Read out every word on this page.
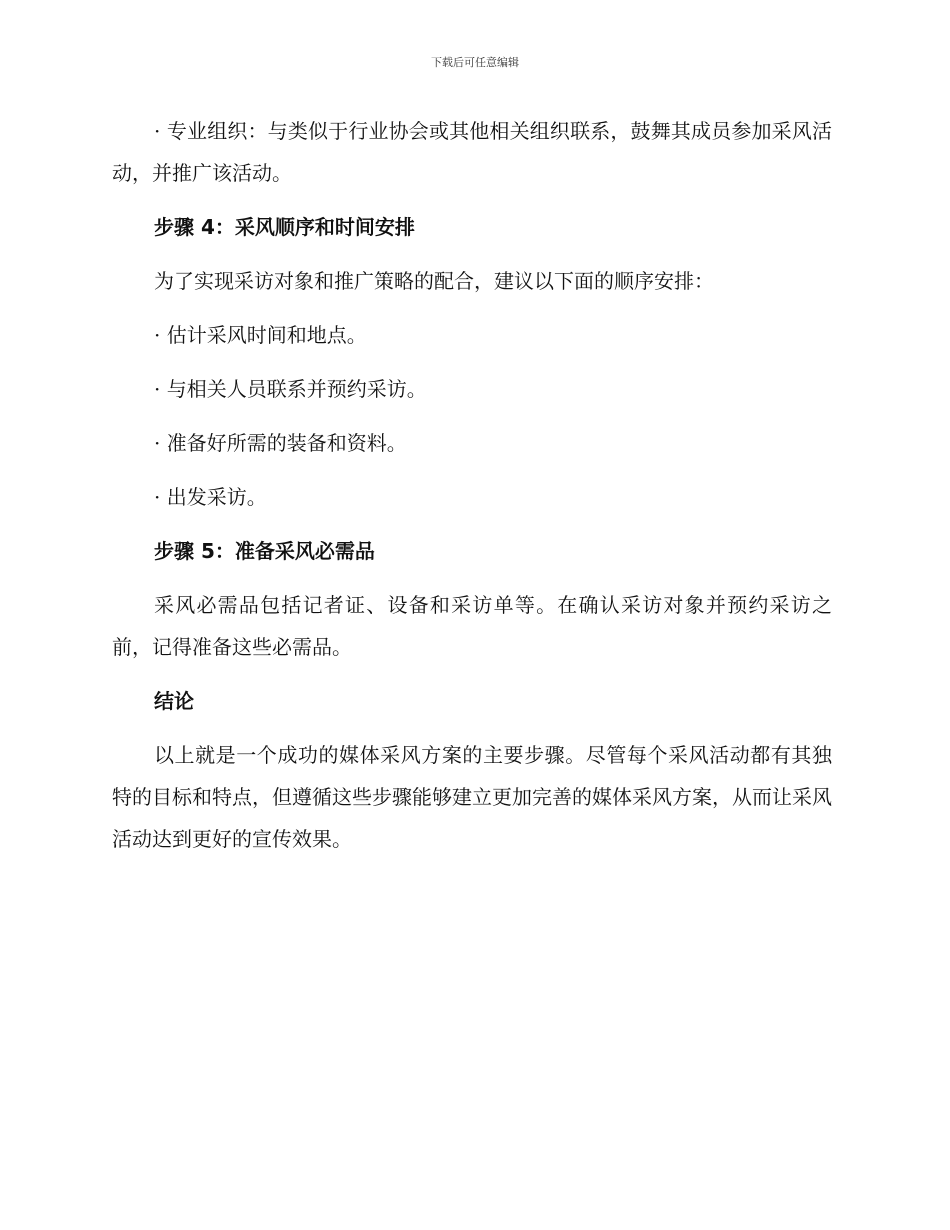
下载后可任意编辑

· 专业组织：与类似于行业协会或其他相关组织联系，鼓舞其成员参加采风活动，并推广该活动。

步骤 4：采风顺序和时间安排

为了实现采访对象和推广策略的配合，建议以下面的顺序安排：

· 估计采风时间和地点。

· 与相关人员联系并预约采访。

· 准备好所需的装备和资料。

· 出发采访。

步骤 5：准备采风必需品

采风必需品包括记者证、设备和采访单等。在确认采访对象并预约采访之前，记得准备这些必需品。

结论

以上就是一个成功的媒体采风方案的主要步骤。尽管每个采风活动都有其独特的目标和特点，但遵循这些步骤能够建立更加完善的媒体采风方案，从而让采风活动达到更好的宣传效果。
